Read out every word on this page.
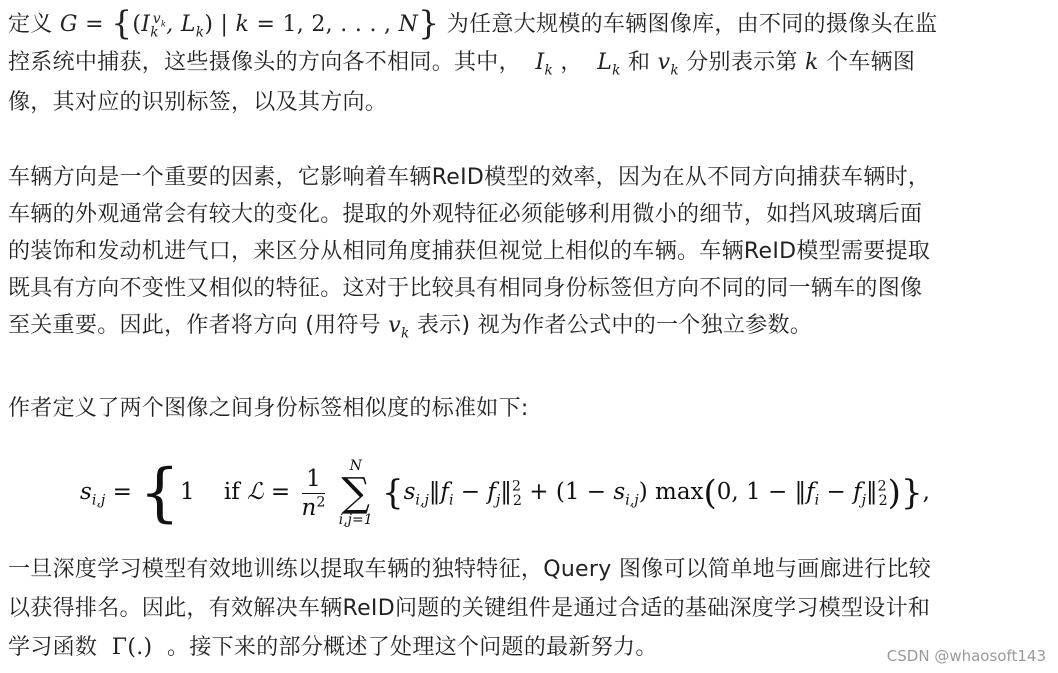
定义 $G = \{(I_k^{v_k}$, $L_k$) | k = 1, 2, . . . , N} 为任意大规模的车辆图像库，由不同的摄像头在监
控系统中捕获，这些摄像头的方向各不相同。其中，  $I_k$ ，  $L_k$ 和 $v_k$ 分别表示第 k 个车辆图
像，其对应的识别标签，以及其方向。
车辆方向是一个重要的因素，它影响着车辆ReID模型的效率，因为在从不同方向捕获车辆时，
车辆的外观通常会有较大的变化。提取的外观特征必须能够利用微小的细节，如挡风玻璃后面
的装饰和发动机进气口，来区分从相同角度捕获但视觉上相似的车辆。车辆ReID模型需要提取
既具有方向不变性又相似的特征。这对于比较具有相同身份标签但方向不同的同一辆车的图像
至关重要。因此，作者将方向 (用符号 $v_k$ 表示) 视为作者公式中的一个独立参数。
作者定义了两个图像之间身份标签相似度的标准如下:
$s_{i,j} = \{1$ if ℒ = $\frac{1}{n^2}$
	N
∑
i,j=1
{$s_{i,j}‖f_i$ − $f_j‖^2_2 + (1 - s_{i,j})$ max(0, $1 - ‖f_i$ − $f_j‖^2_2$)},
一旦深度学习模型有效地训练以提取车辆的独特特征，Query 图像可以简单地与画廊进行比较
以获得排名。因此，有效解决车辆ReID问题的关键组件是通过合适的基础深度学习模型设计和
学习函数  Γ(.)  。接下来的部分概述了处理这个问题的最新努力。	CSDN @whaosoft143
